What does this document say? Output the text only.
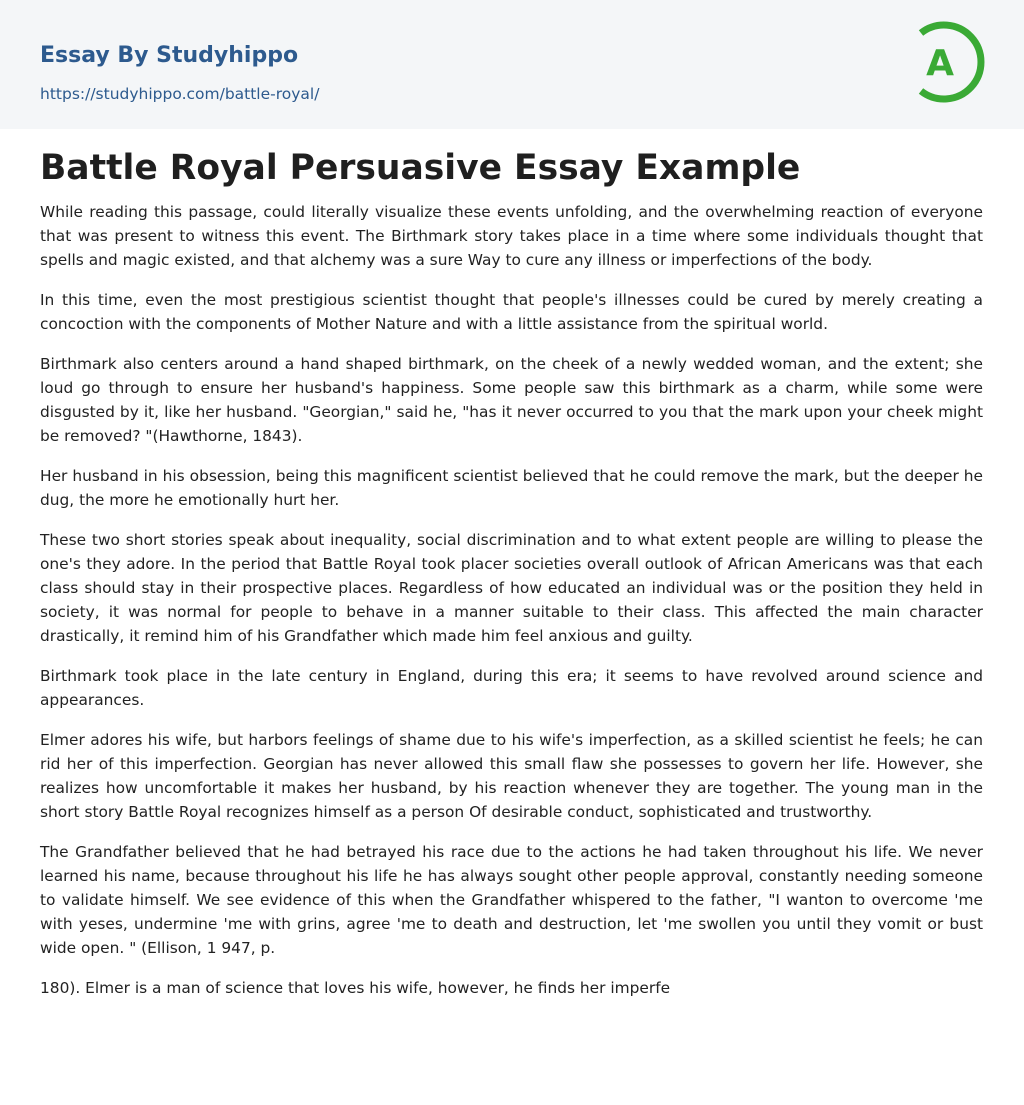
Essay By Studyhippo
https://studyhippo.com/battle-royal/
A
Battle Royal Persuasive Essay Example

While reading this passage, could literally visualize these events unfolding, and the overwhelming reaction of everyone that was present to witness this event. The Birthmark story takes place in a time where some individuals thought that spells and magic existed, and that alchemy was a sure Way to cure any illness or imperfections of the body.

In this time, even the most prestigious scientist thought that people's illnesses could be cured by merely creating a concoction with the components of Mother Nature and with a little assistance from the spiritual world.

Birthmark also centers around a hand shaped birthmark, on the cheek of a newly wedded woman, and the extent; she loud go through to ensure her husband's happiness. Some people saw this birthmark as a charm, while some were disgusted by it, like her husband. "Georgian," said he, "has it never occurred to you that the mark upon your cheek might be removed? "(Hawthorne, 1843).

Her husband in his obsession, being this magnificent scientist believed that he could remove the mark, but the deeper he dug, the more he emotionally hurt her.

These two short stories speak about inequality, social discrimination and to what extent people are willing to please the one's they adore. In the period that Battle Royal took placer societies overall outlook of African Americans was that each class should stay in their prospective places. Regardless of how educated an individual was or the position they held in society, it was normal for people to behave in a manner suitable to their class. This affected the main character drastically, it remind him of his Grandfather which made him feel anxious and guilty.

Birthmark took place in the late century in England, during this era; it seems to have revolved around science and appearances.

Elmer adores his wife, but harbors feelings of shame due to his wife's imperfection, as a skilled scientist he feels; he can rid her of this imperfection. Georgian has never allowed this small flaw she possesses to govern her life. However, she realizes how uncomfortable it makes her husband, by his reaction whenever they are together. The young man in the short story Battle Royal recognizes himself as a person Of desirable conduct, sophisticated and trustworthy.

The Grandfather believed that he had betrayed his race due to the actions he had taken throughout his life. We never learned his name, because throughout his life he has always sought other people approval, constantly needing someone to validate himself. We see evidence of this when the Grandfather whispered to the father, "I wanton to overcome 'me with yeses, undermine 'me with grins, agree 'me to death and destruction, let 'me swollen you until they vomit or bust wide open. " (Ellison, 1 947, p.

180). Elmer is a man of science that loves his wife, however, he finds her imperfe
